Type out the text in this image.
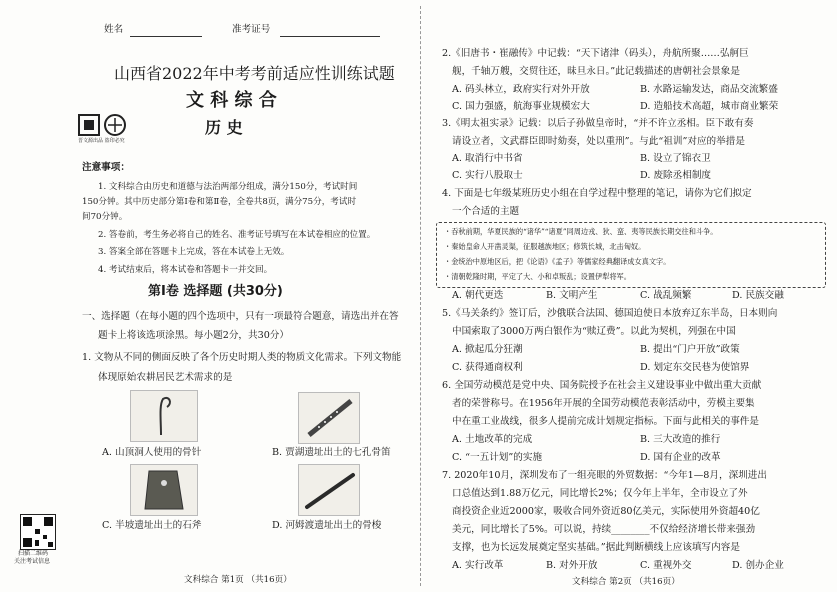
姓名	准考证号
山西省2022年中考考前适应性训练试题
文 科 综 合
晋文源出品 盗印必究
历 史
注意事项：
1. 文科综合由历史和道德与法治两部分组成，满分150分，考试时间
150分钟。其中历史部分第Ⅰ卷和第Ⅱ卷，全卷共8页，满分75分，考试时
间70分钟。
2. 答卷前，考生务必将自己的姓名、准考证号填写在本试卷相应的位置。
3. 答案全部在答题卡上完成，答在本试卷上无效。
4. 考试结束后，将本试卷和答题卡一并交回。
第Ⅰ卷 选择题 (共30分)
一、选择题（在每小题的四个选项中，只有一项最符合题意，请选出并在答
题卡上将该选项涂黑。每小题2分，共30分）
1. 文物从不同的侧面反映了各个历史时期人类的物质文化需求。下列文物能
体现原始农耕居民艺术需求的是
A. 山顶洞人使用的骨针	B. 贾湖遗址出土的七孔骨笛
C. 半坡遗址出土的石斧	D. 河姆渡遗址出土的骨梭
扫描二维码
关注考试信息
文科综合 第1页 （共16页）
2.《旧唐书・崔融传》中记载：“天下诸津（码头），舟航所聚……弘舸巨
舰，千轴万艘，交贸往还，昧旦永日。”此记载描述的唐朝社会景象是
A. 码头林立，政府实行对外开放	B. 水路运输发达，商品交流繁盛
C. 国力强盛，航海事业规模宏大	D. 造船技术高超，城市商业繁荣
3.《明太祖实录》记载：以后子孙做皇帝时，“并不许立丞相。臣下敢有奏
请设立者，文武群臣即时劾奏，处以重刑”。与此“祖训”对应的举措是
A. 取消行中书省	B. 设立了锦衣卫
C. 实行八股取士	D. 废除丞相制度
4. 下面是七年级某班历史小组在自学过程中整理的笔记，请你为它们拟定
一个合适的主题
・吞秋前期，华夏民族的“诸华”“诸夏”同周边戎、狄、蛮、夷等民族长期交往和斗争。
・秦始皇命人开凿灵渠，征服越族地区；修筑长城，北击匈奴。
・金统治中原地区后，把《论语》《孟子》等儒家经典翻译成女真文字。
・清朝乾隆时期，平定了大、小和卓叛乱；设置伊犁将军。
A. 朝代更迭	B. 文明产生	C. 战乱频繁	D. 民族交融
5.《马关条约》签订后，沙俄联合法国、德国迫使日本放弃辽东半岛，日本则向
中国索取了3000万两白银作为“赎辽费”。以此为契机，列强在中国
A. 掀起瓜分狂潮	B. 提出“门户开放”政策
C. 获得通商权利	D. 划定东交民巷为使馆界
6. 全国劳动模范是党中央、国务院授予在社会主义建设事业中做出重大贡献
者的荣誉称号。在1956年开展的全国劳动模范表彰活动中，劳模主要集
中在重工业战线，很多人提前完成计划规定指标。下面与此相关的事件是
A. 土地改革的完成	B. 三大改造的推行
C. “一五计划”的实施	D. 国有企业的改革
7. 2020年10月，深圳发布了一组亮眼的外贸数据：“今年1—8月，深圳进出
口总值达到1.88万亿元，同比增长2%；仅今年上半年，全市设立了外
商投资企业近2000家，吸收合同外资近80亿美元，实际使用外资超40亿
美元，同比增长了5%。可以说，持续________不仅给经济增长带来强劲
支撑，也为长远发展奠定坚实基础。”据此判断横线上应该填写内容是
A. 实行改革	B. 对外开放	C. 重视外交	D. 创办企业
文科综合 第2页 （共16页）
